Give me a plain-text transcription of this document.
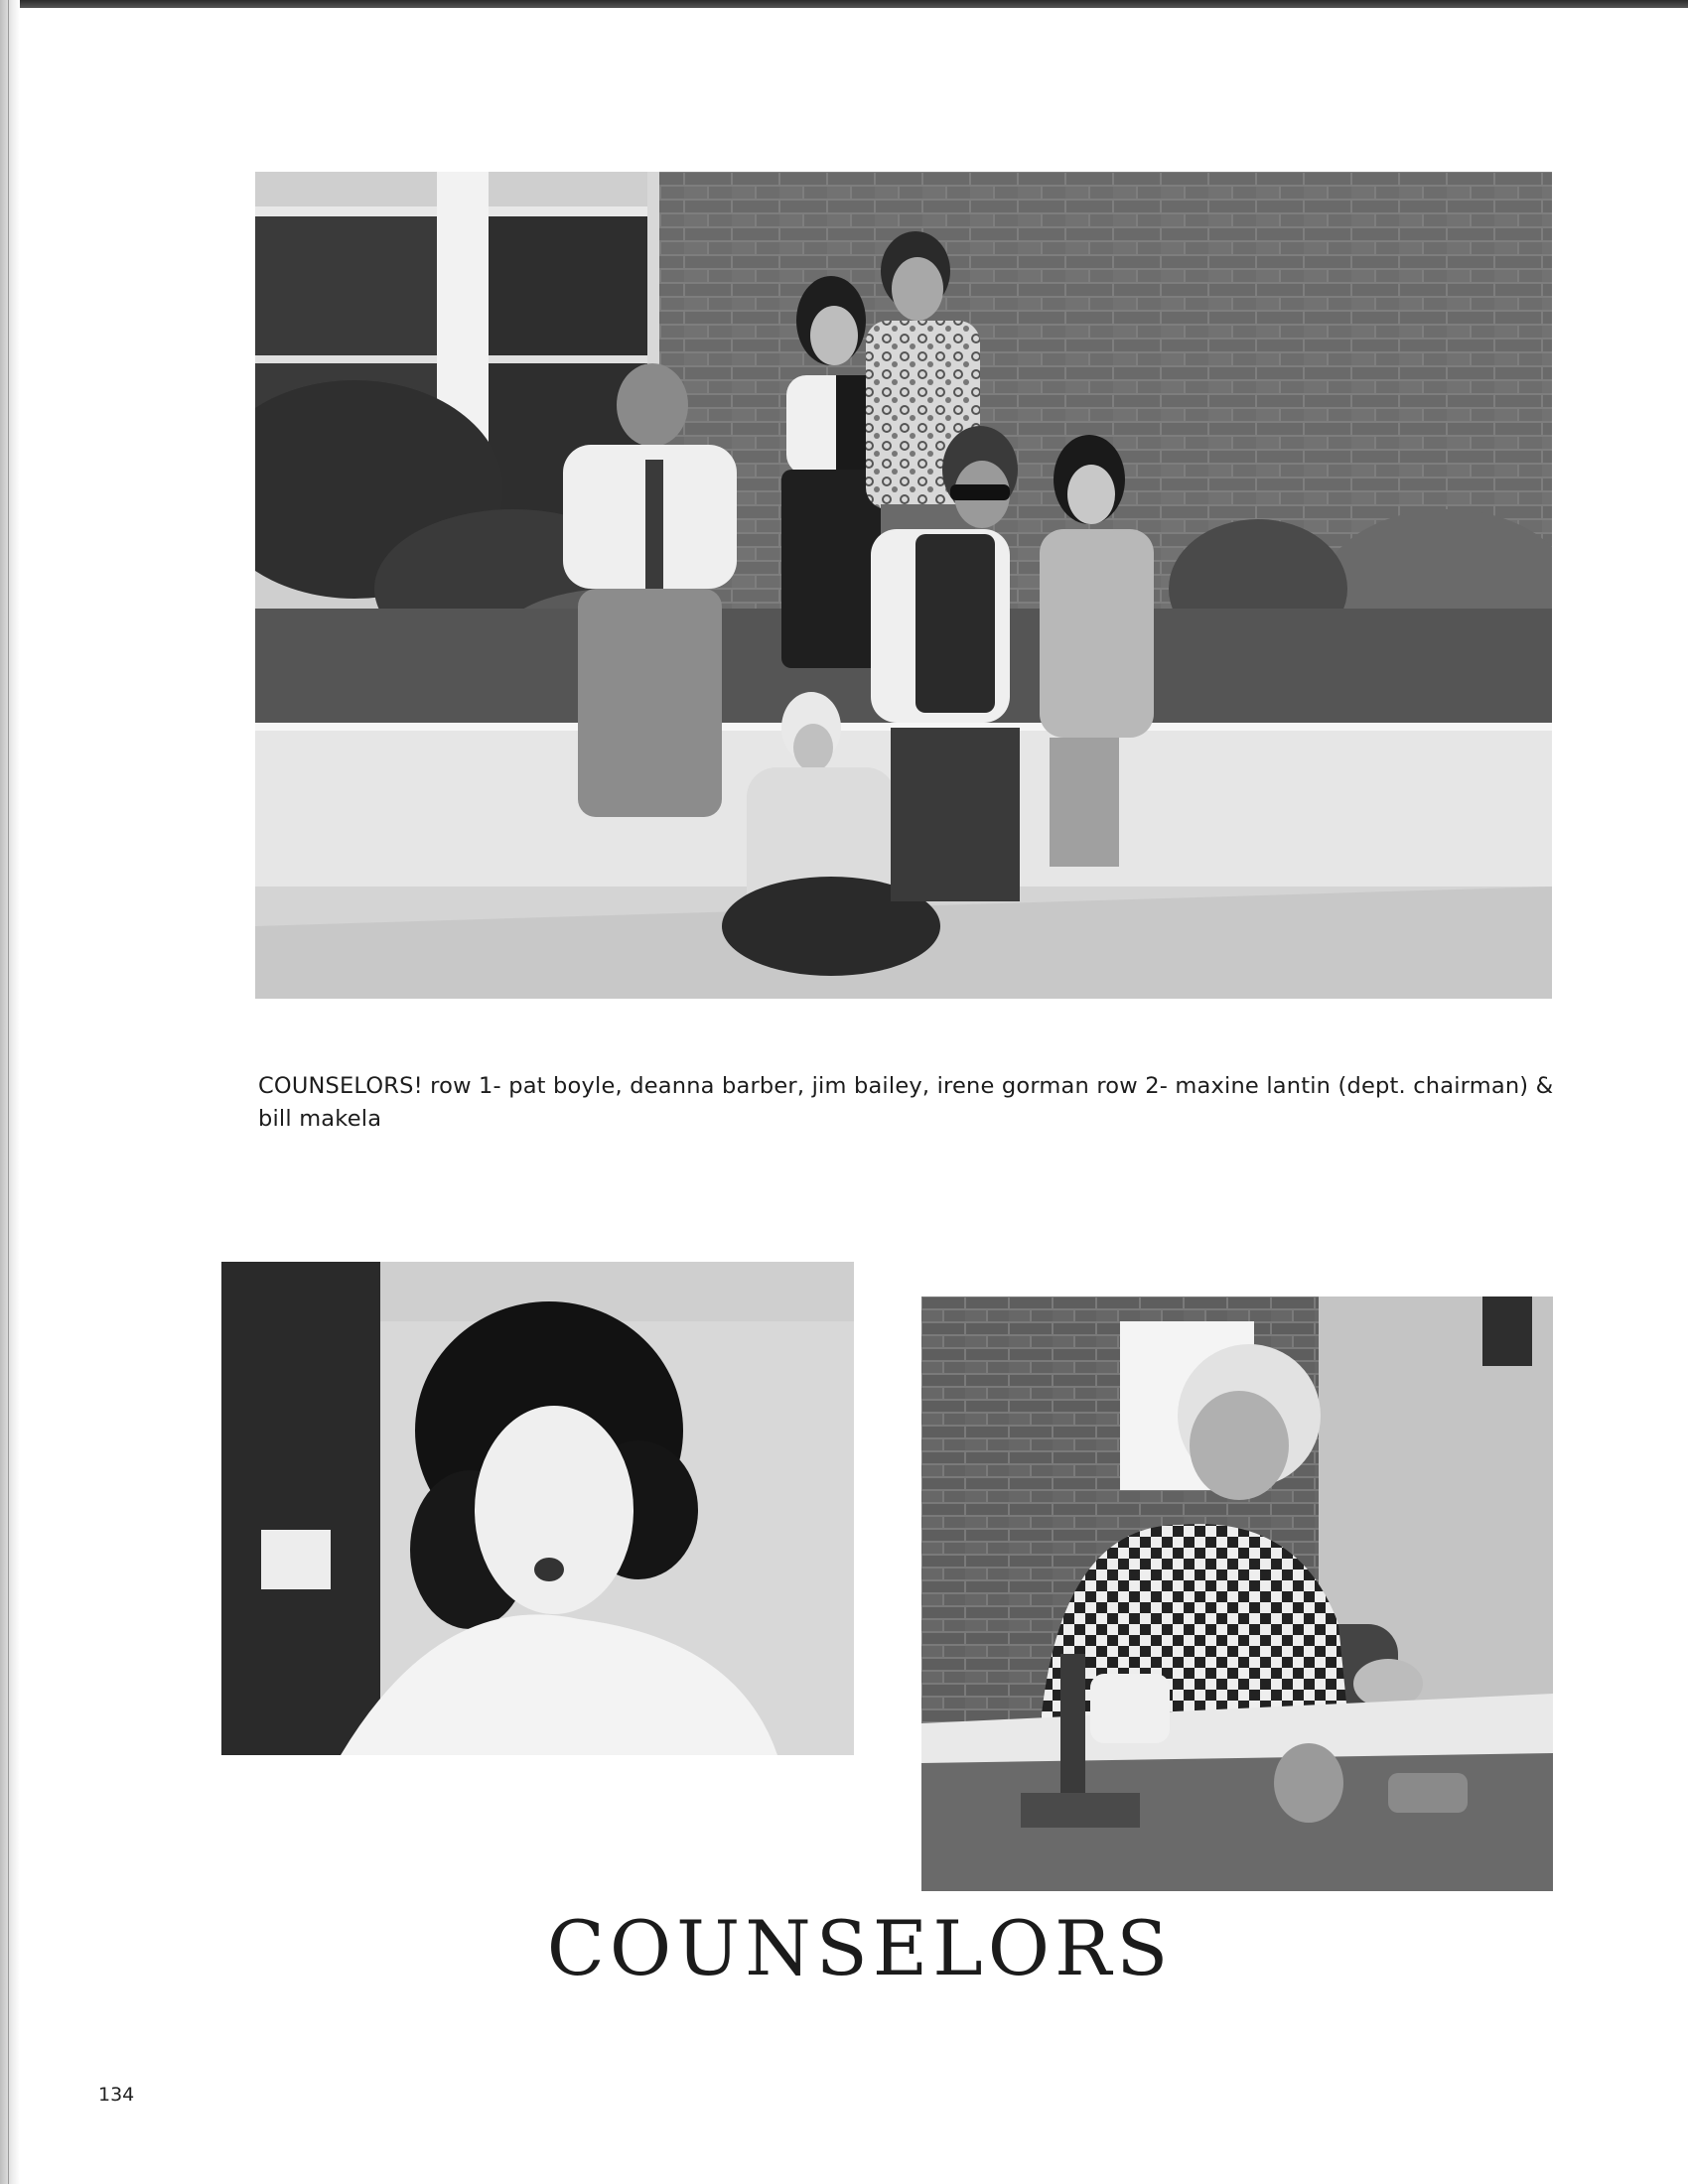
COUNSELORS! row 1- pat boyle, deanna barber, jim bailey, irene gorman row 2- maxine lantin (dept. chairman) & bill makela
COUNSELORS
134
